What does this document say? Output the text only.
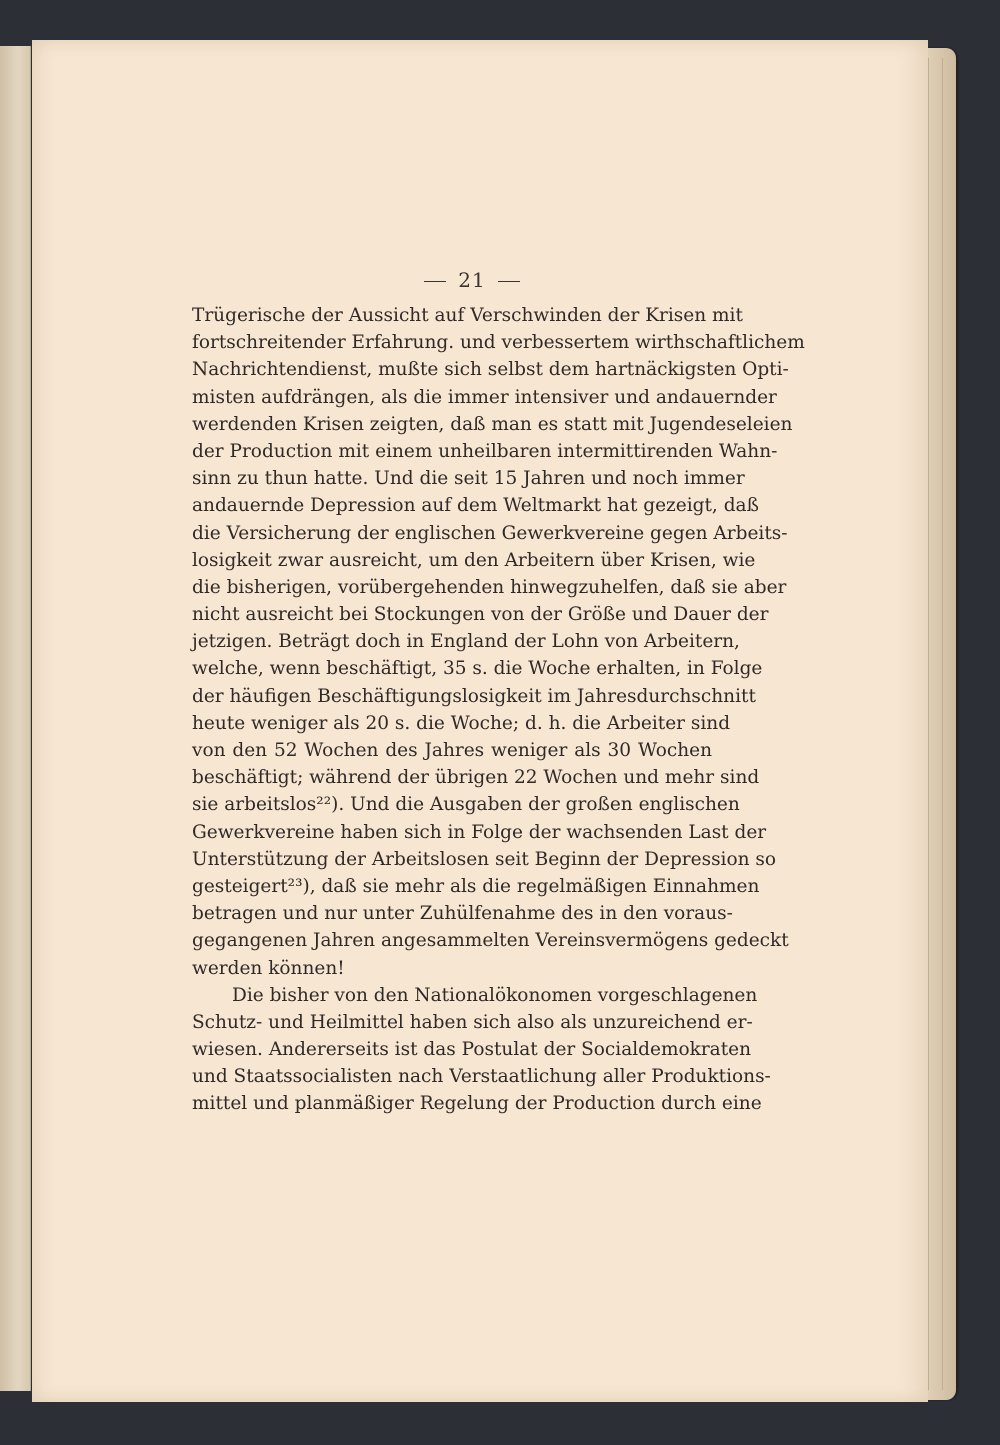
21
Trügerische der Aussicht auf Verschwinden der Krisen mit
fortschreitender Erfahrung. und verbessertem wirthschaftlichem
Nachrichtendienst, mußte sich selbst dem hartnäckigsten Opti-
misten aufdrängen, als die immer intensiver und andauernder
werdenden Krisen zeigten, daß man es statt mit Jugendeseleien
der Production mit einem unheilbaren intermittirenden Wahn-
sinn zu thun hatte. Und die seit 15 Jahren und noch immer
andauernde Depression auf dem Weltmarkt hat gezeigt, daß
die Versicherung der englischen Gewerkvereine gegen Arbeits-
losigkeit zwar ausreicht, um den Arbeitern über Krisen, wie
die bisherigen, vorübergehenden hinwegzuhelfen, daß sie aber
nicht ausreicht bei Stockungen von der Größe und Dauer der
jetzigen. Beträgt doch in England der Lohn von Arbeitern,
welche, wenn beschäftigt, 35 s. die Woche erhalten, in Folge
der häufigen Beschäftigungslosigkeit im Jahresdurchschnitt
heute weniger als 20 s. die Woche; d. h. die Arbeiter sind
von den 52 Wochen des Jahres weniger als 30 Wochen
beschäftigt; während der übrigen 22 Wochen und mehr sind
sie arbeitslos²²). Und die Ausgaben der großen englischen
Gewerkvereine haben sich in Folge der wachsenden Last der
Unterstützung der Arbeitslosen seit Beginn der Depression so
gesteigert²³), daß sie mehr als die regelmäßigen Einnahmen
betragen und nur unter Zuhülfenahme des in den voraus-
gegangenen Jahren angesammelten Vereinsvermögens gedeckt
werden können!
Die bisher von den Nationalökonomen vorgeschlagenen
Schutz- und Heilmittel haben sich also als unzureichend er-
wiesen. Andererseits ist das Postulat der Socialdemokraten
und Staatssocialisten nach Verstaatlichung aller Produktions-
mittel und planmäßiger Regelung der Production durch eine
